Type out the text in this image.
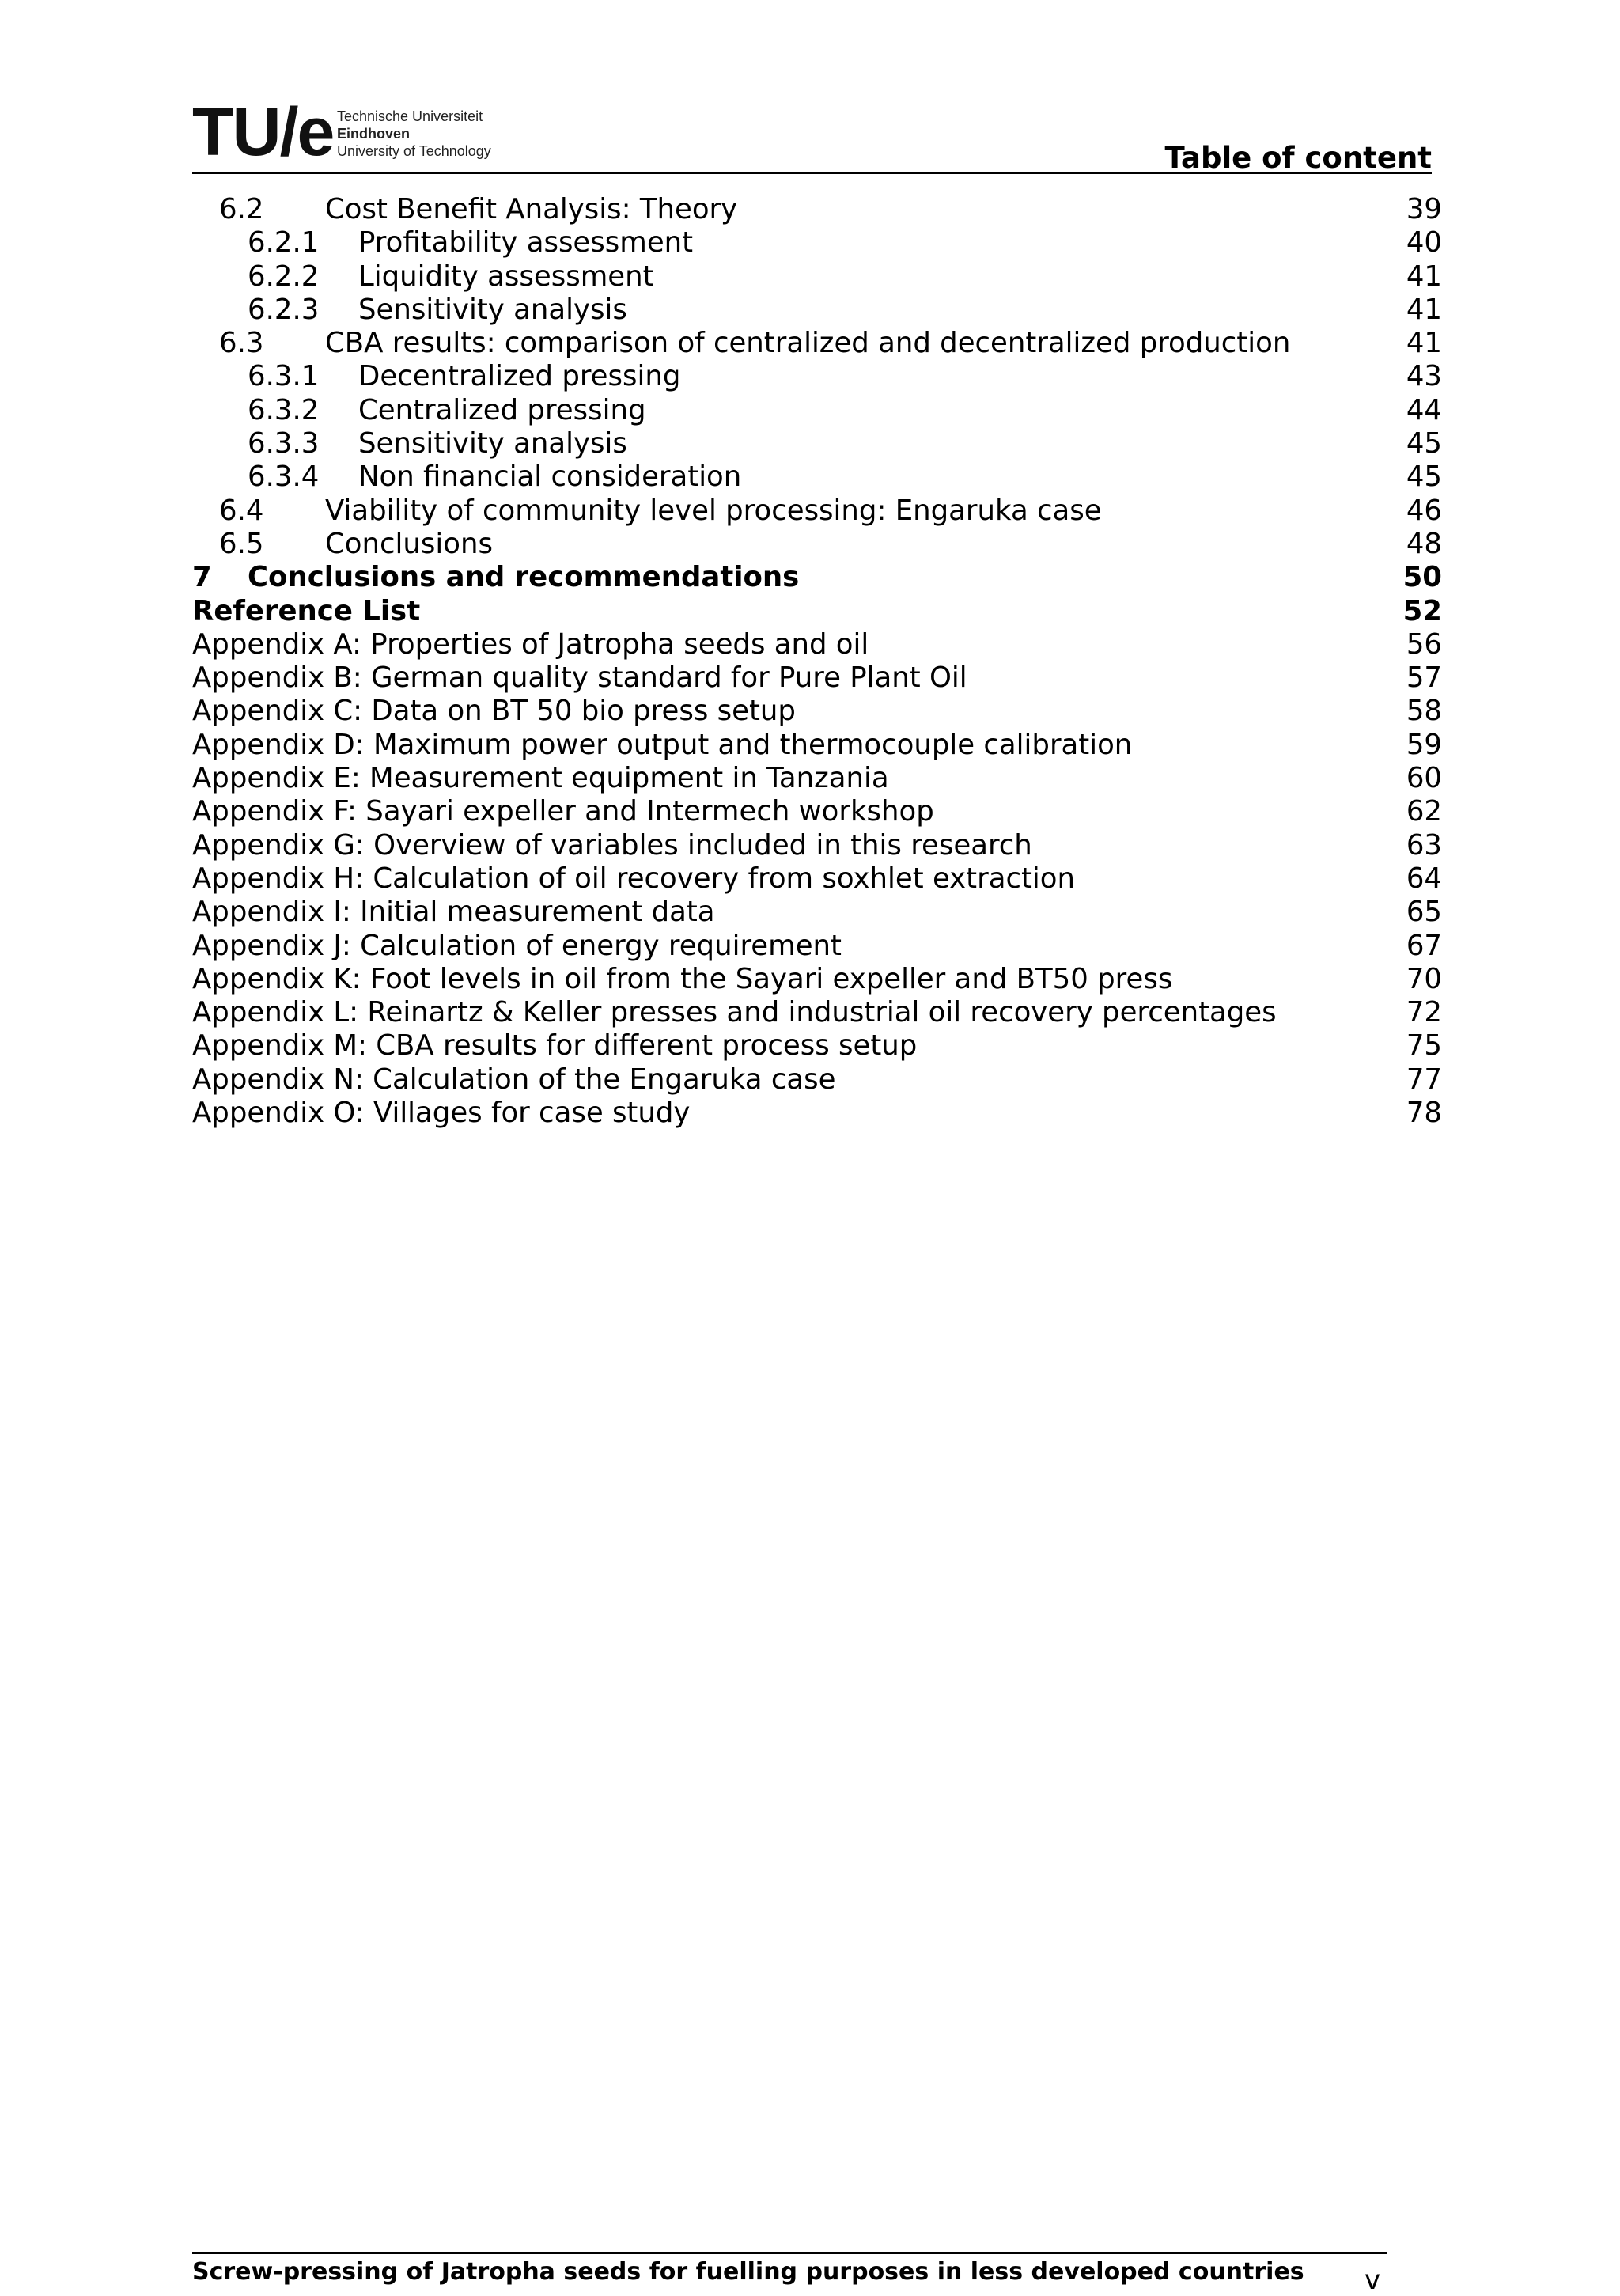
TU/e Technische Universiteit
Eindhoven
University of Technology	Table of content
6.2 Cost Benefit Analysis: Theory	39
6.2.1 Profitability assessment	40
6.2.2 Liquidity assessment	41
6.2.3 Sensitivity analysis	41
6.3 CBA results: comparison of centralized and decentralized production	41
6.3.1 Decentralized pressing	43
6.3.2 Centralized pressing	44
6.3.3 Sensitivity analysis	45
6.3.4 Non financial consideration	45
6.4 Viability of community level processing: Engaruka case	46
6.5 Conclusions	48
7 Conclusions and recommendations	50
Reference List	52
Appendix A: Properties of Jatropha seeds and oil	56
Appendix B: German quality standard for Pure Plant Oil	57
Appendix C: Data on BT 50 bio press setup	58
Appendix D: Maximum power output and thermocouple calibration	59
Appendix E: Measurement equipment in Tanzania	60
Appendix F: Sayari expeller and Intermech workshop	62
Appendix G: Overview of variables included in this research	63
Appendix H: Calculation of oil recovery from soxhlet extraction	64
Appendix I: Initial measurement data	65
Appendix J: Calculation of energy requirement	67
Appendix K: Foot levels in oil from the Sayari expeller and BT50 press	70
Appendix L: Reinartz & Keller presses and industrial oil recovery percentages	72
Appendix M: CBA results for different process setup	75
Appendix N: Calculation of the Engaruka case	77
Appendix O: Villages for case study	78
v
Screw-pressing of Jatropha seeds for fuelling purposes in less developed countries
